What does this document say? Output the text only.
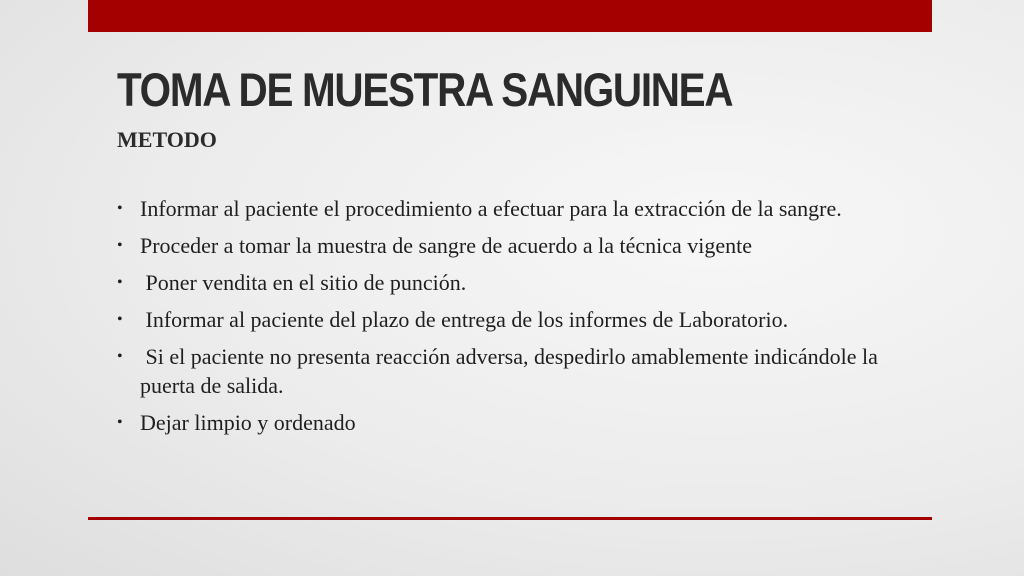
TOMA DE MUESTRA SANGUINEA
METODO
• Informar al paciente el procedimiento a efectuar para la extracción de la sangre.
• Proceder a tomar la muestra de sangre de acuerdo a la técnica vigente
• Poner vendita en el sitio de punción.
• Informar al paciente del plazo de entrega de los informes de Laboratorio.
• Si el paciente no presenta reacción adversa, despedirlo amablemente indicándole la puerta de salida.
• Dejar limpio y ordenado
